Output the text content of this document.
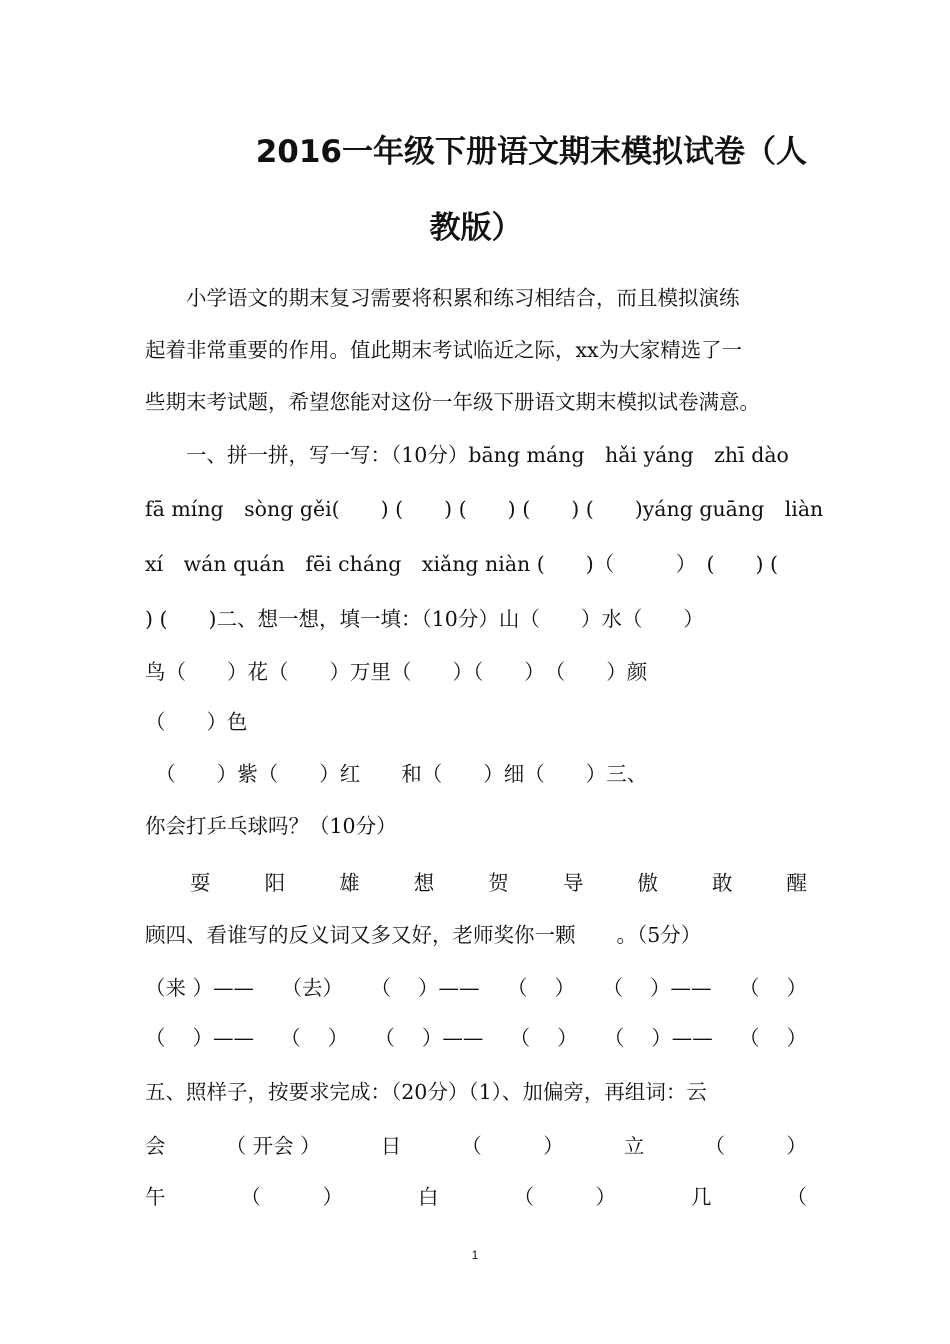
2016一年级下册语文期末模拟试卷（人
教版）
　　小学语文的期末复习需要将积累和练习相结合，而且模拟演练
起着非常重要的作用。值此期末考试临近之际，xx为大家精选了一
些期末考试题，希望您能对这份一年级下册语文期末模拟试卷满意。
　　一、拼一拼，写一写：（10分）bāng máng　hǎi yáng　zhī dào
fā míng　sòng gěi(　　) (　　) (　　) (　　) (　　)yáng guāng　liàn
xí　wán quán　fēi cháng　xiǎng niàn (　　)（　　　）　(　　) (
) (　　)二、想一想，填一填：（10分）山（　　）水（　　）
鸟（　　）花（　　）万里（　　）（　　）　（　　）颜
（　　）色
　（　　）紫（　　）红　　和（　　）细（　　）三、
你会打乒乓球吗？（10分）
耍	阳	雄	想	贺	导	傲	敢	醒
顾四、看谁写的反义词又多又好，老师奖你一颗　　。（5分）
（来 ）—— （去） （　 ）—— （　 ） （　 ）—— （　 ）
（　 ）—— （　 ） （　 ）—— （　 ） （　 ）—— （　 ）
五、照样子，按要求完成：（20分）（1）、加偏旁，再组词：云
会	（ 开会 ）	日	（　　　）	立	（　　　）
午	（　　　）	白	（　　　）	几	（
1
